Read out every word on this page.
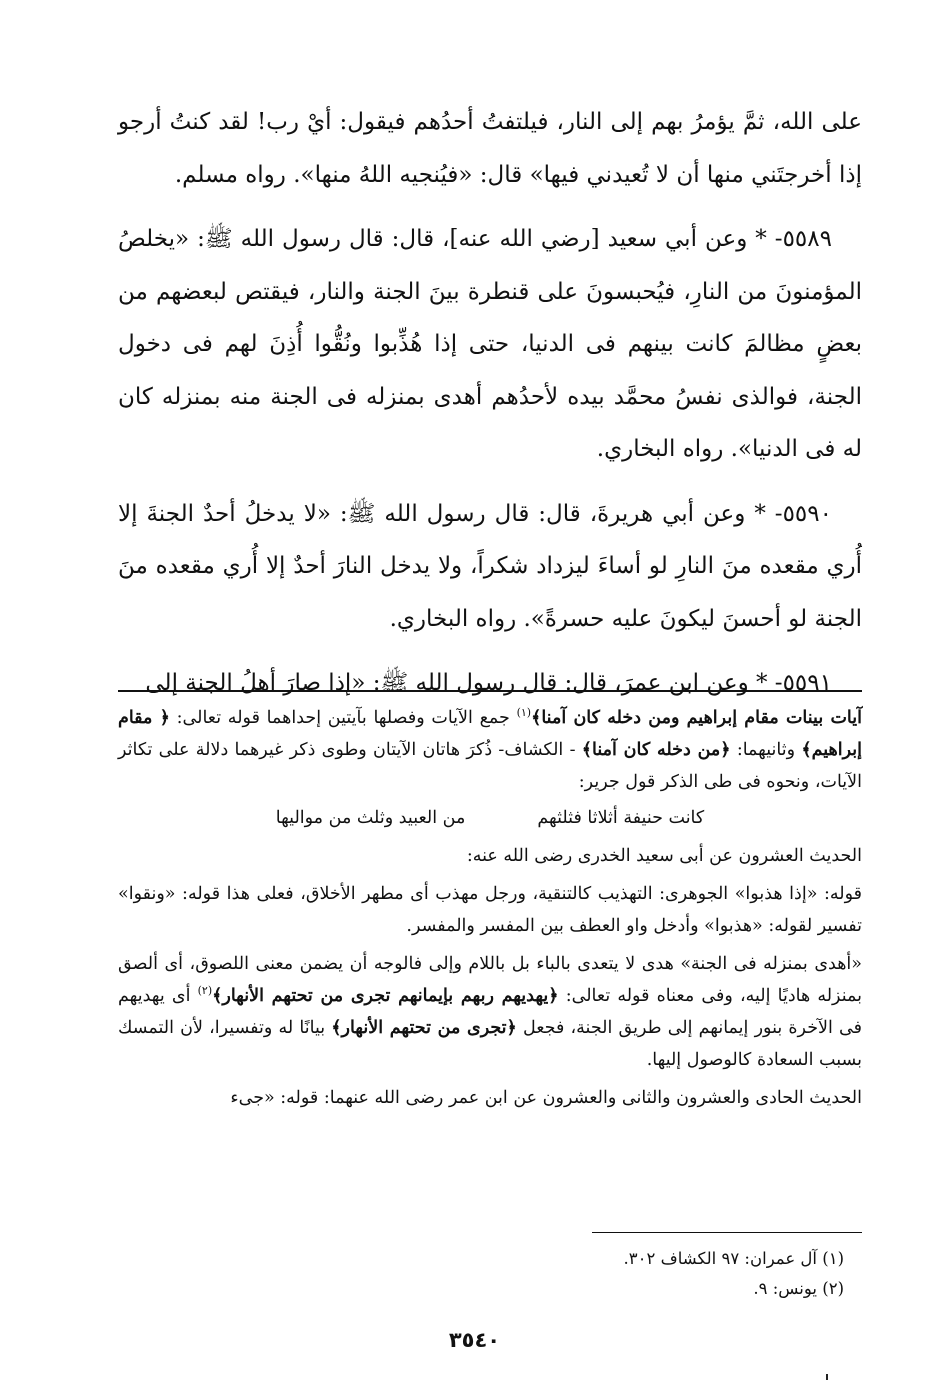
على الله، ثمَّ يؤمرُ بهم إلى النار، فيلتفتُ أحدُهم فيقول: أيْ رب! لقد كنتُ أرجو إذا أخرجتَني منها أن لا تُعيدني فيها» قال: «فيُنجيه اللهُ منها». رواه مسلم.

٥٥٨٩- * وعن أبي سعيد [رضي الله عنه]، قال: قال رسول الله ﷺ: «يخلصُ المؤمنونَ من النارِ، فيُحبسونَ على قنطرة بينَ الجنة والنار، فيقتص لبعضهم من بعضٍ مظالمَ كانت بينهم فى الدنيا، حتى إذا هُذِّبوا ونُقُّوا أُذِنَ لهم فى دخول الجنة، فوالذى نفسُ محمَّد بيده لأحدُهم أهدى بمنزله فى الجنة منه بمنزله كان له فى الدنيا». رواه البخاري.

٥٥٩٠- * وعن أبي هريرةَ، قال: قال رسول الله ﷺ: «لا يدخلُ أحدٌ الجنةَ إلا أُري مقعده منَ النارِ لو أساءَ ليزداد شكراً، ولا يدخل النارَ أحدٌ إلا أُري مقعده منَ الجنة لو أحسنَ ليكونَ عليه حسرةً». رواه البخاري.

٥٥٩١- * وعن ابن عمرَ، قال: قال رسول الله ﷺ: «إذا صارَ أهلُ الجنة إلى

آيات بينات مقام إبراهيم ومن دخله كان آمنا﴾$^{(١)}$ جمع الآيات وفصلها بآيتين إحداهما قوله تعالى: ﴿ مقام إبراهيم﴾ وثانيهما: ﴿من دخله كان آمنا﴾ - الكشاف- ذُكرَ هاتان الآيتان وطوى ذكر غيرهما دلالة على تكاثر الآيات، ونحوه فى طى الذكر قول جرير:

كانت حنيفة أثلاثا فثلثهم
من العبيد وثلث من مواليها

الحديث العشرون عن أبى سعيد الخدرى رضى الله عنه:

قوله: «إذا هذبوا» الجوهرى: التهذيب كالتنقية، ورجل مهذب أى مطهر الأخلاق، فعلى هذا قوله: «ونقوا» تفسير لقوله: «هذبوا» وأدخل واو العطف بين المفسر والمفسر.

«أهدى بمنزله فى الجنة» هدى لا يتعدى بالباء بل باللام وإلى فالوجه أن يضمن معنى اللصوق، أى ألصق بمنزله هاديًا إليه، وفى معناه قوله تعالى: ﴿يهديهم ربهم بإيمانهم تجرى من تحتهم الأنهار﴾$^{(٢)}$ أى يهديهم فى الآخرة بنور إيمانهم إلى طريق الجنة، فجعل ﴿تجرى من تحتهم الأنهار﴾ بيانًا له وتفسيرا، لأن التمسك بسبب السعادة كالوصول إليها.

الحديث الحادى والعشرون والثانى والعشرون عن ابن عمر رضى الله عنهما: قوله: «جىء

(١) آل عمران: ٩٧ الكشاف ٣٠٢.

(٢) يونس: ٩.

٣٥٤٠
